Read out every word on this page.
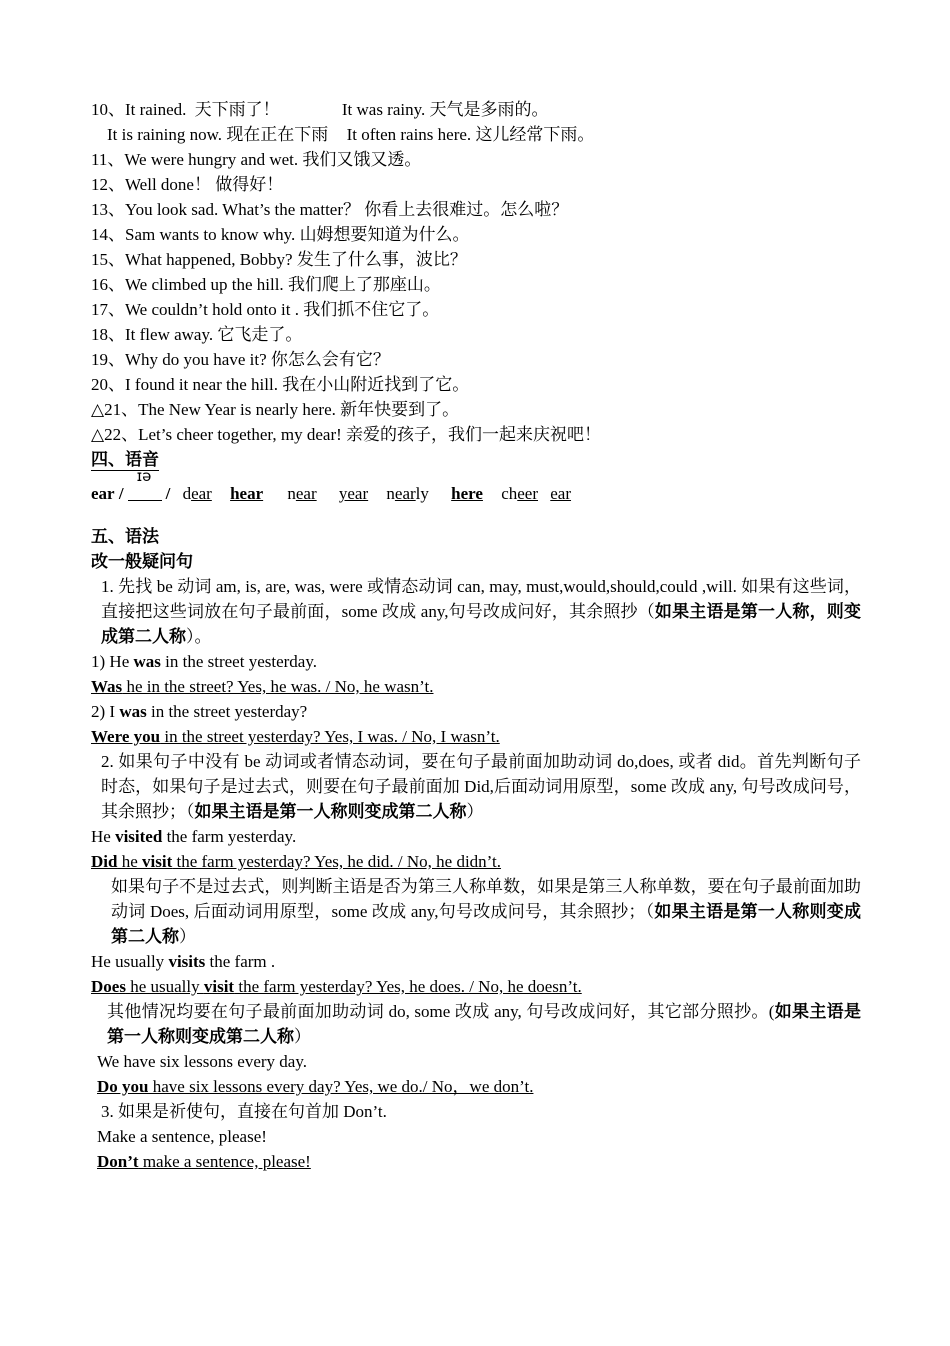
10、It rained. 天下雨了！	It was rainy. 天气是多雨的。
It is raining now. 现在正在下雨 It often rains here. 这儿经常下雨。
11、We were hungry and wet. 我们又饿又透。
12、Well done！ 做得好！
13、You look sad. What’s the matter？ 你看上去很难过。怎么啦？
14、Sam wants to know why. 山姆想要知道为什么。
15、What happened, Bobby? 发生了什么事，波比？
16、We climbed up the hill. 我们爬上了那座山。
17、We couldn’t hold onto it . 我们抓不住它了。
18、It flew away. 它飞走了。
19、Why do you have it? 你怎么会有它？
20、I found it near the hill. 我在小山附近找到了它。
△21、The New Year is nearly here. 新年快要到了。
△22、Let’s cheer together, my dear! 亲爱的孩子，我们一起来庆祝吧！
四、语音
ear /
ɪə
/ dear hear near year nearly here cheer ear
五、语法
改一般疑问句
1. 先找 be 动词 am, is, are, was, were 或情态动词 can, may, must,would,should,could ,will. 如果有这些词，直接把这些词放在句子最前面，some 改成 any,句号改成问好，其余照抄（如果主语是第一人称，则变成第二人称）。
1) He was in the street yesterday.
Was he in the street? Yes, he was. / No, he wasn’t.
2) I was in the street yesterday?
Were you in the street yesterday? Yes, I was. / No, I wasn’t.
2. 如果句子中没有 be 动词或者情态动词，要在句子最前面加助动词 do,does, 或者 did。首先判断句子时态，如果句子是过去式，则要在句子最前面加 Did,后面动词用原型，some 改成 any, 句号改成问号，其余照抄；（如果主语是第一人称则变成第二人称）
He visited the farm yesterday.
Did he visit the farm yesterday? Yes, he did. / No, he didn’t.
如果句子不是过去式，则判断主语是否为第三人称单数，如果是第三人称单数，要在句子最前面加助动词 Does, 后面动词用原型，some 改成 any,句号改成问号，其余照抄；（如果主语是第一人称则变成第二人称）
He usually visits the farm .
Does he usually visit the farm yesterday? Yes, he does. / No, he doesn’t.
其他情况均要在句子最前面加助动词 do, some 改成 any, 句号改成问好，其它部分照抄。(如果主语是第一人称则变成第二人称）
We have six lessons every day.
Do you have six lessons every day? Yes, we do./ No，we don’t.
3. 如果是祈使句，直接在句首加 Don’t.
Make a sentence, please!
Don’t make a sentence, please!
